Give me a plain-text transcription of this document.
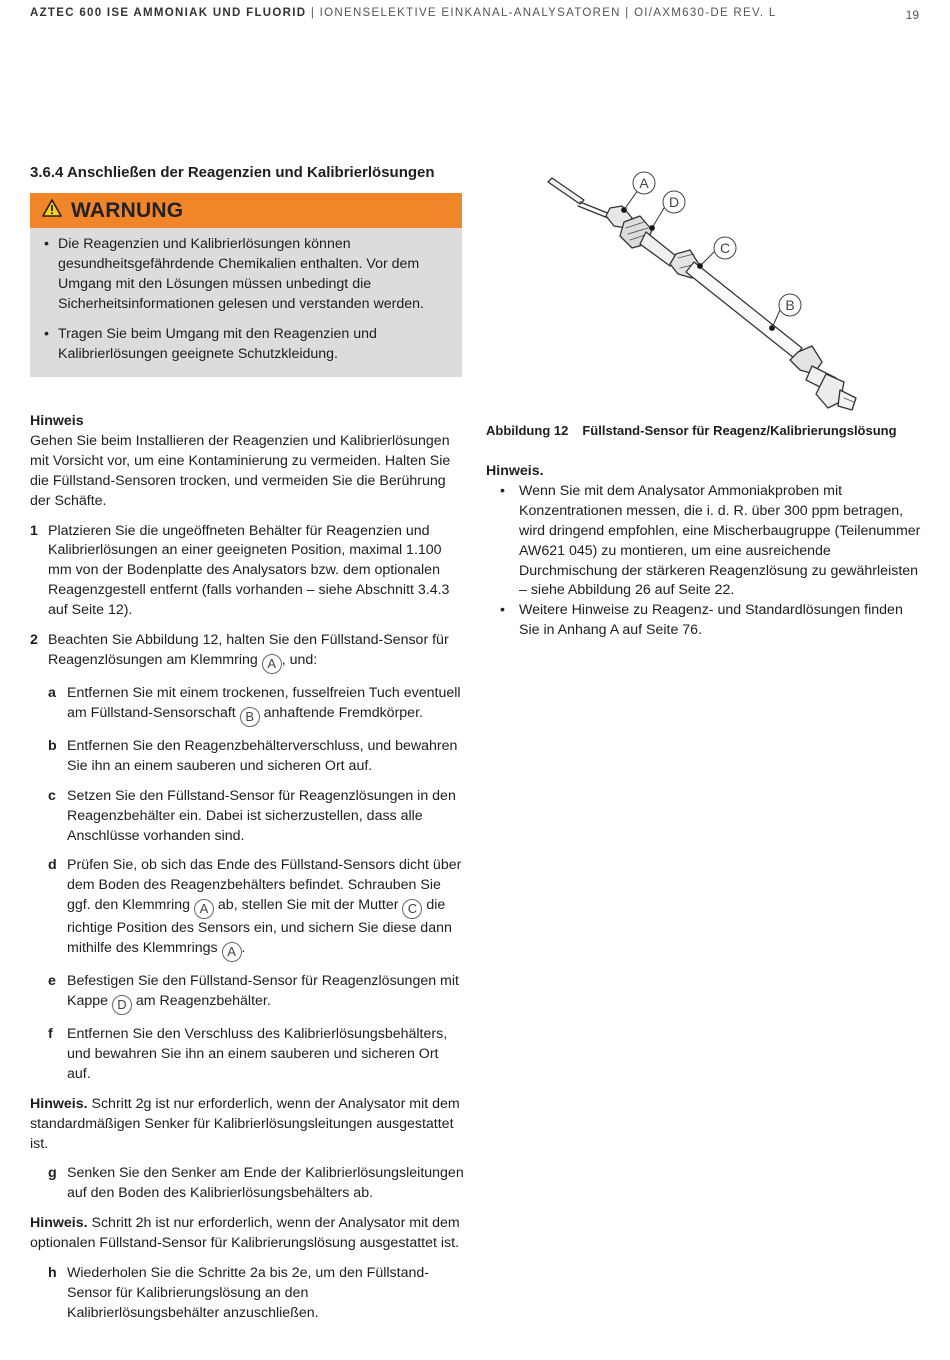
AZTEC 600 ISE AMMONIAK UND FLUORID | IONENSELEKTIVE EINKANAL-ANALYSATOREN | OI/AXM630-DE REV. L	19
3.6.4 Anschließen der Reagenzien und Kalibrierlösungen
WARNUNG
• Die Reagenzien und Kalibrierlösungen können gesundheitsgefährdende Chemikalien enthalten. Vor dem Umgang mit den Lösungen müssen unbedingt die Sicherheitsinformationen gelesen und verstanden werden.
• Tragen Sie beim Umgang mit den Reagenzien und Kalibrierlösungen geeignete Schutzkleidung.
Hinweis
Gehen Sie beim Installieren der Reagenzien und Kalibrierlösungen mit Vorsicht vor, um eine Kontaminierung zu vermeiden. Halten Sie die Füllstand-Sensoren trocken, und vermeiden Sie die Berührung der Schäfte.
1 Platzieren Sie die ungeöffneten Behälter für Reagenzien und Kalibrierlösungen an einer geeigneten Position, maximal 1.100 mm von der Bodenplatte des Analysators bzw. dem optionalen Reagenzgestell entfernt (falls vorhanden – siehe Abschnitt 3.4.3 auf Seite 12).
2 Beachten Sie Abbildung 12, halten Sie den Füllstand-Sensor für Reagenzlösungen am Klemmring A , und:
a Entfernen Sie mit einem trockenen, fusselfreien Tuch eventuell am Füllstand-Sensorschaft B anhaftende Fremdkörper.
b Entfernen Sie den Reagenzbehälterverschluss, und bewahren Sie ihn an einem sauberen und sicheren Ort auf.
c Setzen Sie den Füllstand-Sensor für Reagenzlösungen in den Reagenzbehälter ein. Dabei ist sicherzustellen, dass alle Anschlüsse vorhanden sind.
d Prüfen Sie, ob sich das Ende des Füllstand-Sensors dicht über dem Boden des Reagenzbehälters befindet. Schrauben Sie ggf. den Klemmring A ab, stellen Sie mit der Mutter C die richtige Position des Sensors ein, und sichern Sie diese dann mithilfe des Klemmrings A .
e Befestigen Sie den Füllstand-Sensor für Reagenzlösungen mit Kappe D am Reagenzbehälter.
f	Entfernen Sie den Verschluss des Kalibrierlösungsbehälters, und bewahren Sie ihn an einem sauberen und sicheren Ort auf.
Hinweis. Schritt 2g ist nur erforderlich, wenn der Analysator mit dem standardmäßigen Senker für Kalibrierlösungsleitungen ausgestattet ist.
g Senken Sie den Senker am Ende der Kalibrierlösungsleitungen auf den Boden des Kalibrierlösungsbehälters ab.
Hinweis. Schritt 2h ist nur erforderlich, wenn der Analysator mit dem optionalen Füllstand-Sensor für Kalibrierungslösung ausgestattet ist.
h Wiederholen Sie die Schritte 2a bis 2e, um den Füllstand-Sensor für Kalibrierungslösung an den Kalibrierlösungsbehälter anzuschließen.
A
D
C
B
Abbildung 12 Füllstand-Sensor für Reagenz/Kalibrierungslösung
Hinweis.
• Wenn Sie mit dem Analysator Ammoniakproben mit Konzentrationen messen, die i. d. R. über 300 ppm betragen, wird dringend empfohlen, eine Mischerbaugruppe (Teilenummer AW621 045) zu montieren, um eine ausreichende Durchmischung der stärkeren Reagenzlösung zu gewährleisten – siehe Abbildung 26 auf Seite 22.
• Weitere Hinweise zu Reagenz- und Standardlösungen finden Sie in Anhang A auf Seite 76.
